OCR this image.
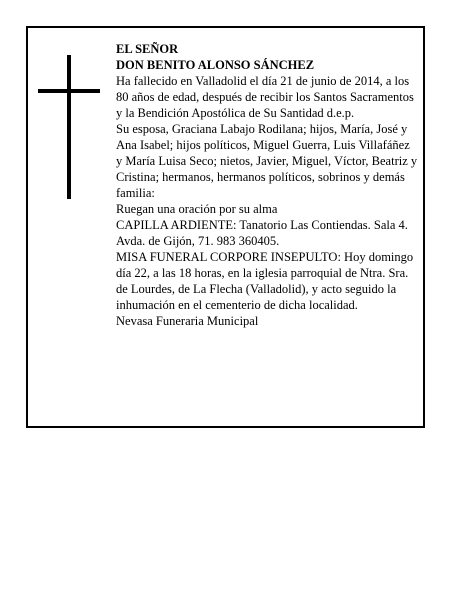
EL SEÑOR

DON BENITO ALONSO SÁNCHEZ

Ha fallecido en Valladolid el día 21 de junio de 2014, a los 80 años de edad, después de recibir los Santos Sacramentos y la Bendición Apostólica de Su Santidad d.e.p.

Su esposa, Graciana Labajo Rodilana; hijos, María, José y Ana Isabel; hijos políticos, Miguel Guerra, Luis Villafáñez y María Luisa Seco; nietos, Javier, Miguel, Víctor, Beatriz y Cristina; hermanos, hermanos políticos, sobrinos y demás familia:

Ruegan una oración por su alma

CAPILLA ARDIENTE: Tanatorio Las Contiendas. Sala 4. Avda. de Gijón, 71. 983 360405.

MISA FUNERAL CORPORE INSEPULTO: Hoy domingo día 22, a las 18 horas, en la iglesia parroquial de Ntra. Sra. de Lourdes, de La Flecha (Valladolid), y acto seguido la inhumación en el cementerio de dicha localidad.

Nevasa Funeraria Municipal
